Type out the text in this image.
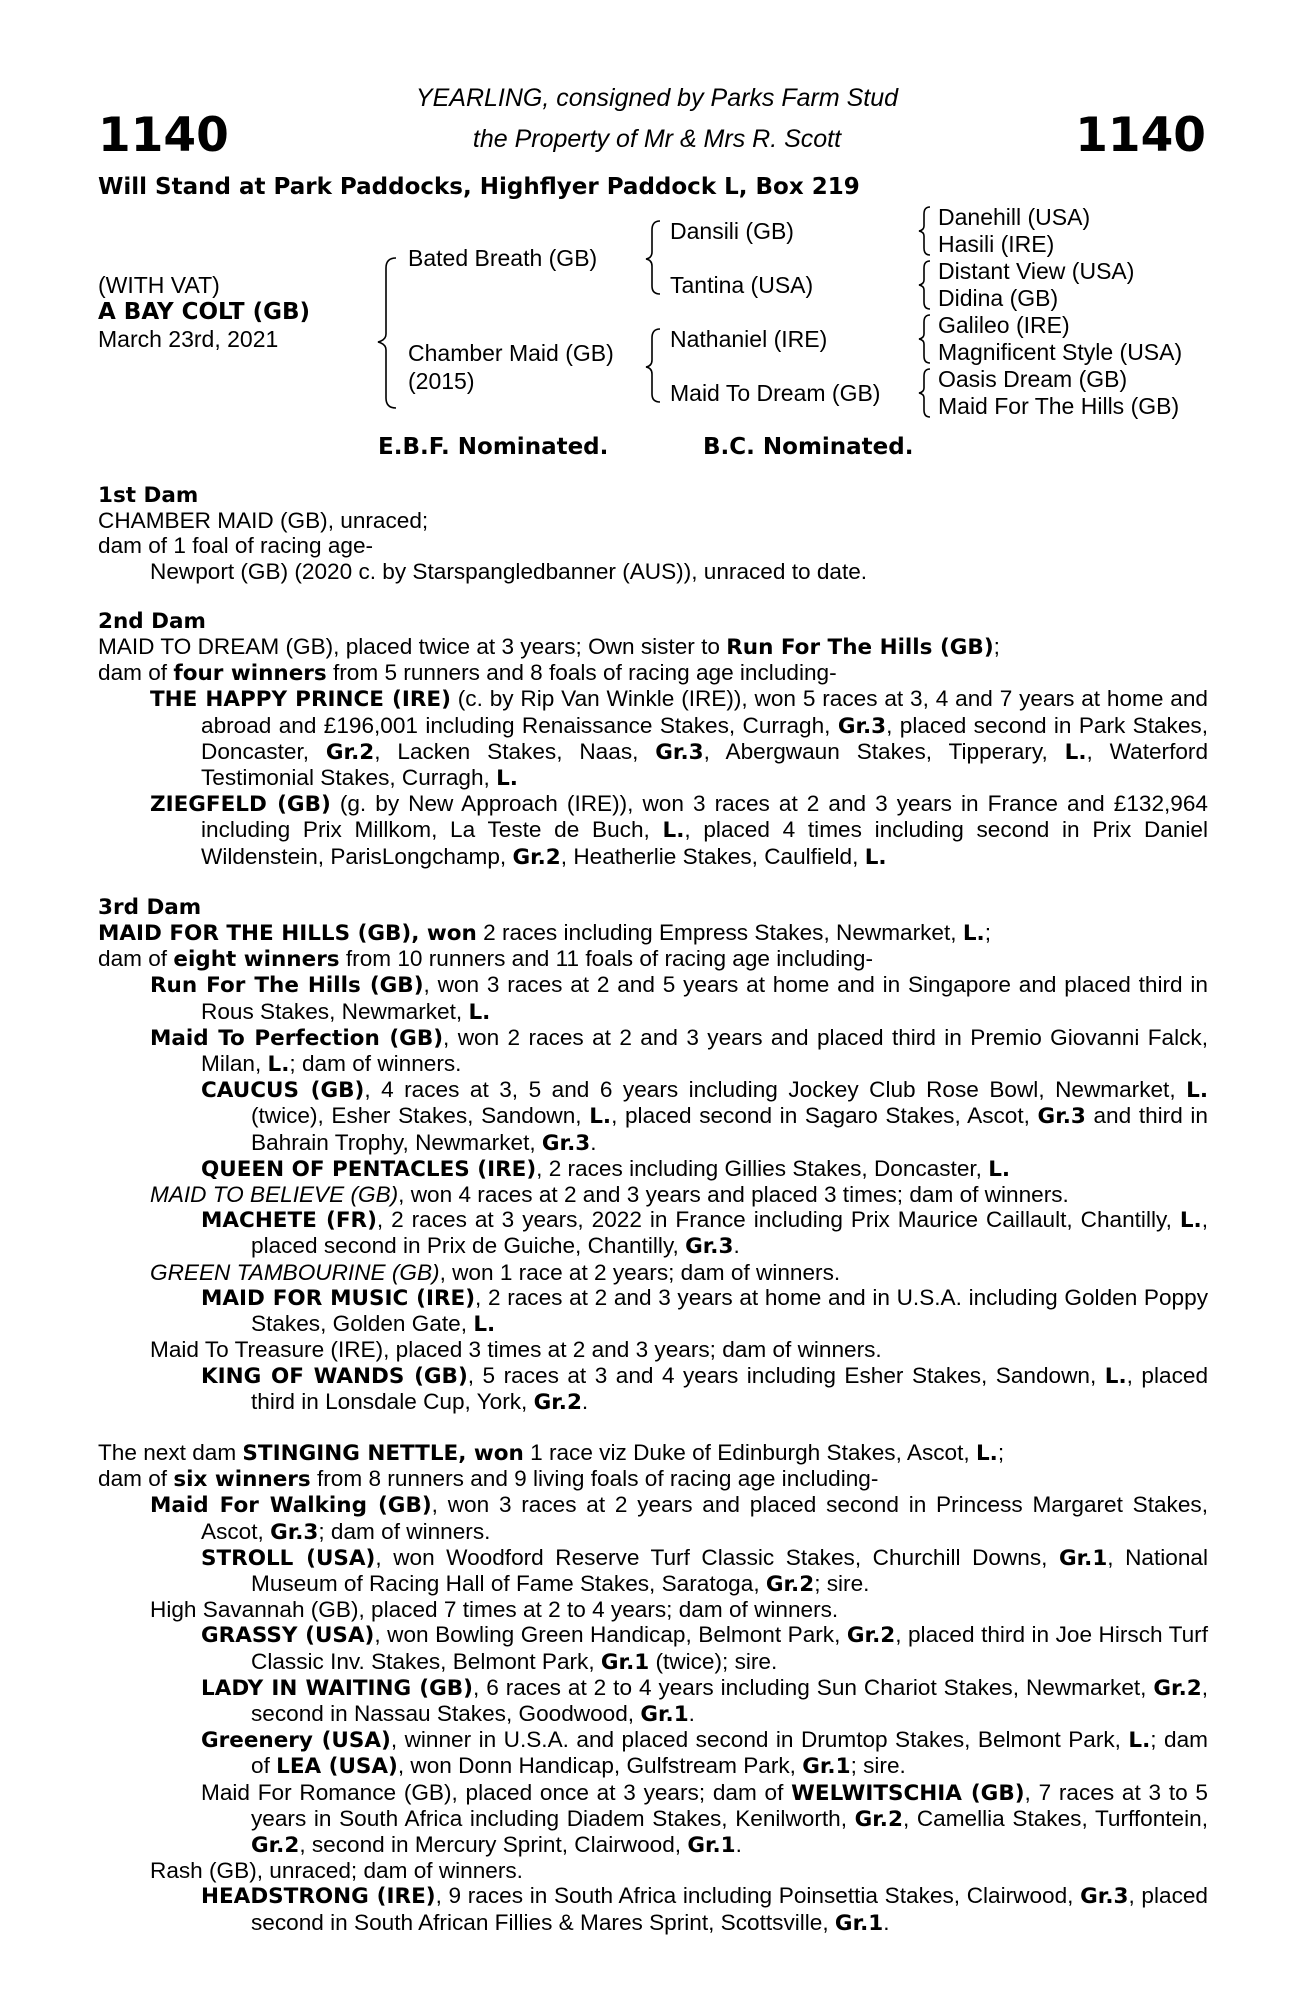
1140	1140
YEARLING, consigned by Parks Farm Stud
the Property of Mr & Mrs R. Scott
Will Stand at Park Paddocks, Highflyer Paddock L, Box 219
(WITH VAT)
A BAY COLT (GB)
March 23rd, 2021
Bated Breath (GB)
Chamber Maid (GB)
(2015)
Dansili (GB)
Tantina (USA)
Nathaniel (IRE)
Maid To Dream (GB)
Danehill (USA)
Hasili (IRE)
Distant View (USA)
Didina (GB)
Galileo (IRE)
Magnificent Style (USA)
Oasis Dream (GB)
Maid For The Hills (GB)
E.B.F. Nominated.	B.C. Nominated.
1st Dam
CHAMBER MAID (GB), unraced;
dam of 1 foal of racing age-
Newport (GB) (2020 c. by Starspangledbanner (AUS)), unraced to date.
2nd Dam
MAID TO DREAM (GB), placed twice at 3 years; Own sister to Run For The Hills (GB);
dam of four winners from 5 runners and 8 foals of racing age including-
THE HAPPY PRINCE (IRE) (c. by Rip Van Winkle (IRE)), won 5 races at 3, 4 and 7 years at home and abroad and £196,001 including Renaissance Stakes, Curragh, Gr.3, placed second in Park Stakes, Doncaster, Gr.2, Lacken Stakes, Naas, Gr.3, Abergwaun Stakes, Tipperary, L., Waterford Testimonial Stakes, Curragh, L.
ZIEGFELD (GB) (g. by New Approach (IRE)), won 3 races at 2 and 3 years in France and £132,964 including Prix Millkom, La Teste de Buch, L., placed 4 times including second in Prix Daniel Wildenstein, ParisLongchamp, Gr.2, Heatherlie Stakes, Caulfield, L.
3rd Dam
MAID FOR THE HILLS (GB), won 2 races including Empress Stakes, Newmarket, L.;
dam of eight winners from 10 runners and 11 foals of racing age including-
Run For The Hills (GB), won 3 races at 2 and 5 years at home and in Singapore and placed third in Rous Stakes, Newmarket, L.
Maid To Perfection (GB), won 2 races at 2 and 3 years and placed third in Premio Giovanni Falck, Milan, L.; dam of winners.
CAUCUS (GB), 4 races at 3, 5 and 6 years including Jockey Club Rose Bowl, Newmarket, L. (twice), Esher Stakes, Sandown, L., placed second in Sagaro Stakes, Ascot, Gr.3 and third in Bahrain Trophy, Newmarket, Gr.3.
QUEEN OF PENTACLES (IRE), 2 races including Gillies Stakes, Doncaster, L.
MAID TO BELIEVE (GB), won 4 races at 2 and 3 years and placed 3 times; dam of winners.
MACHETE (FR), 2 races at 3 years, 2022 in France including Prix Maurice Caillault, Chantilly, L., placed second in Prix de Guiche, Chantilly, Gr.3.
GREEN TAMBOURINE (GB), won 1 race at 2 years; dam of winners.
MAID FOR MUSIC (IRE), 2 races at 2 and 3 years at home and in U.S.A. including Golden Poppy Stakes, Golden Gate, L.
Maid To Treasure (IRE), placed 3 times at 2 and 3 years; dam of winners.
KING OF WANDS (GB), 5 races at 3 and 4 years including Esher Stakes, Sandown, L., placed third in Lonsdale Cup, York, Gr.2.
The next dam STINGING NETTLE, won 1 race viz Duke of Edinburgh Stakes, Ascot, L.;
dam of six winners from 8 runners and 9 living foals of racing age including-
Maid For Walking (GB), won 3 races at 2 years and placed second in Princess Margaret Stakes, Ascot, Gr.3; dam of winners.
STROLL (USA), won Woodford Reserve Turf Classic Stakes, Churchill Downs, Gr.1, National Museum of Racing Hall of Fame Stakes, Saratoga, Gr.2; sire.
High Savannah (GB), placed 7 times at 2 to 4 years; dam of winners.
GRASSY (USA), won Bowling Green Handicap, Belmont Park, Gr.2, placed third in Joe Hirsch Turf Classic Inv. Stakes, Belmont Park, Gr.1 (twice); sire.
LADY IN WAITING (GB), 6 races at 2 to 4 years including Sun Chariot Stakes, Newmarket, Gr.2, second in Nassau Stakes, Goodwood, Gr.1.
Greenery (USA), winner in U.S.A. and placed second in Drumtop Stakes, Belmont Park, L.; dam of LEA (USA), won Donn Handicap, Gulfstream Park, Gr.1; sire.
Maid For Romance (GB), placed once at 3 years; dam of WELWITSCHIA (GB), 7 races at 3 to 5 years in South Africa including Diadem Stakes, Kenilworth, Gr.2, Camellia Stakes, Turffontein, Gr.2, second in Mercury Sprint, Clairwood, Gr.1.
Rash (GB), unraced; dam of winners.
HEADSTRONG (IRE), 9 races in South Africa including Poinsettia Stakes, Clairwood, Gr.3, placed second in South African Fillies & Mares Sprint, Scottsville, Gr.1.
